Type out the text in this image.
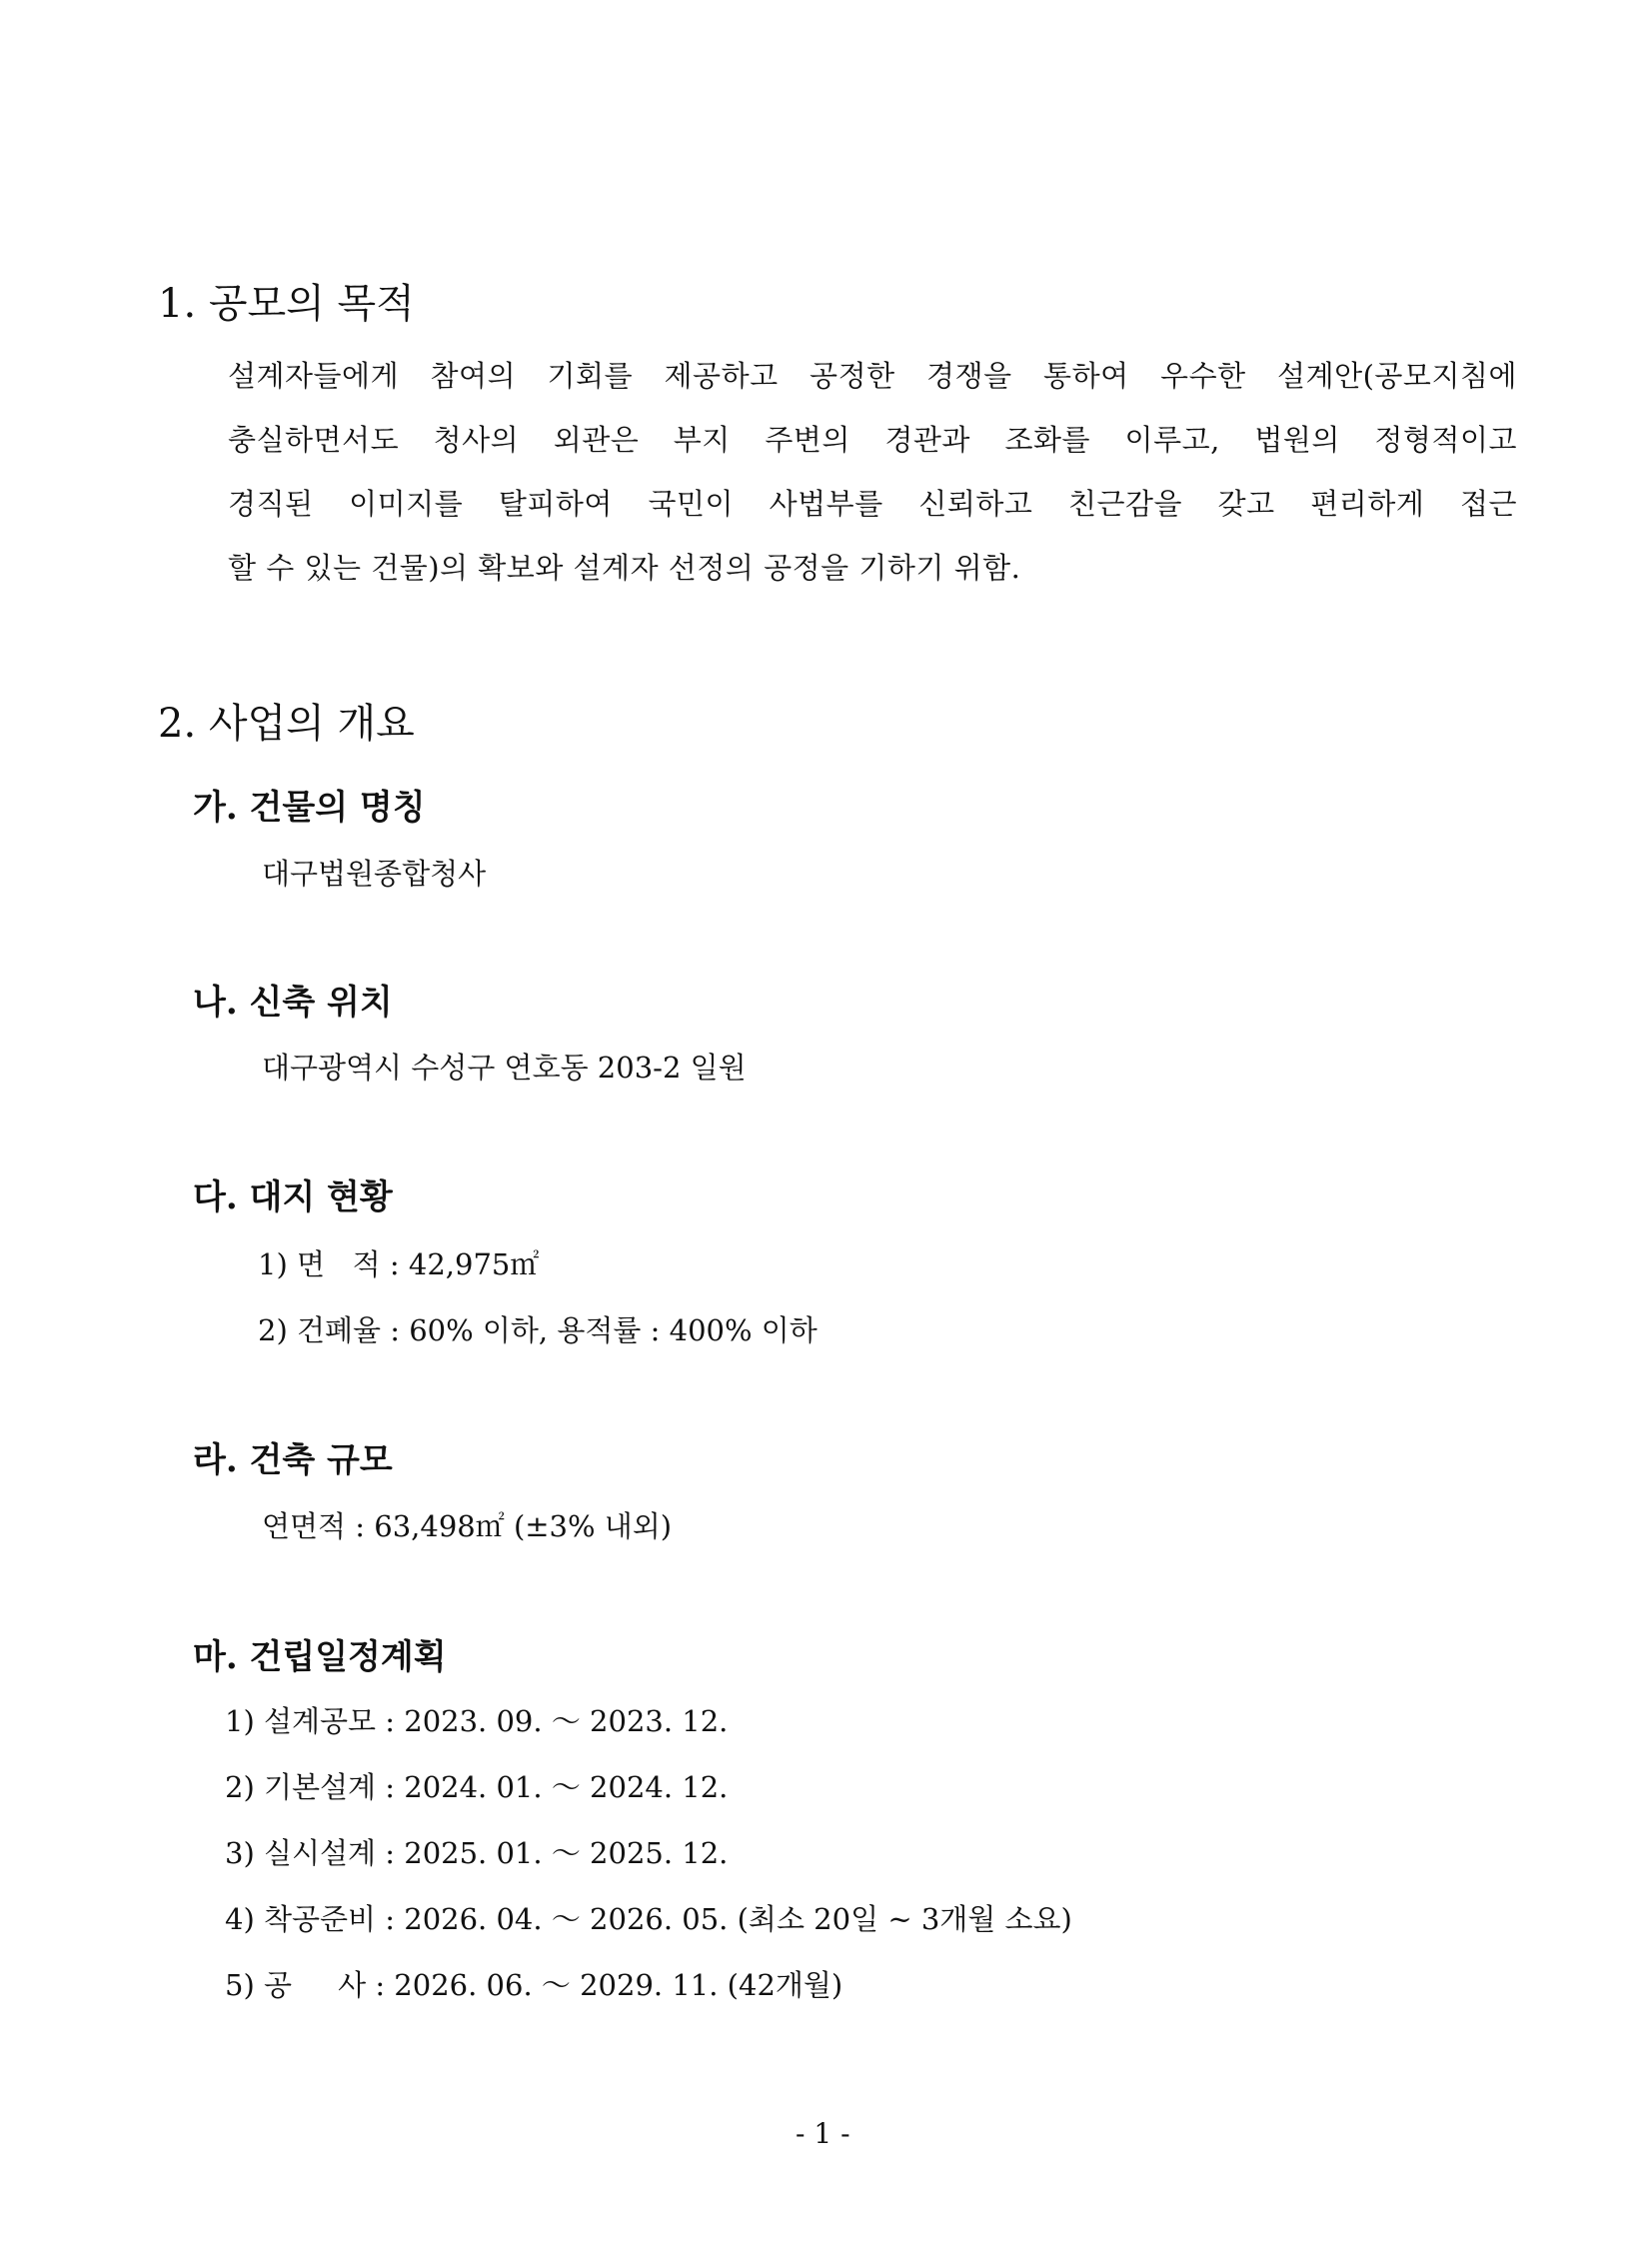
1. 공모의 목적
설계자들에게 참여의 기회를 제공하고 공정한 경쟁을 통하여 우수한 설계안(공모지침에
충실하면서도 청사의 외관은 부지 주변의 경관과 조화를 이루고, 법원의 정형적이고
경직된 이미지를 탈피하여 국민이 사법부를 신뢰하고 친근감을 갖고 편리하게 접근
할 수 있는 건물)의 확보와 설계자 선정의 공정을 기하기 위함.
2. 사업의 개요
가. 건물의 명칭
대구법원종합청사
나. 신축 위치
대구광역시 수성구 연호동 203-2 일원
다. 대지 현황
1) 면   적 : 42,975㎡
2) 건폐율 : 60% 이하, 용적률 : 400% 이하
라. 건축 규모
연면적 : 63,498㎡ (±3% 내외)
마. 건립일정계획
1) 설계공모 : 2023. 09. ～ 2023. 12.
2) 기본설계 : 2024. 01. ～ 2024. 12.
3) 실시설계 : 2025. 01. ～ 2025. 12.
4) 착공준비 : 2026. 04. ～ 2026. 05. (최소 20일 ~ 3개월 소요)
5) 공     사 : 2026. 06. ～ 2029. 11. (42개월)
- 1 -
